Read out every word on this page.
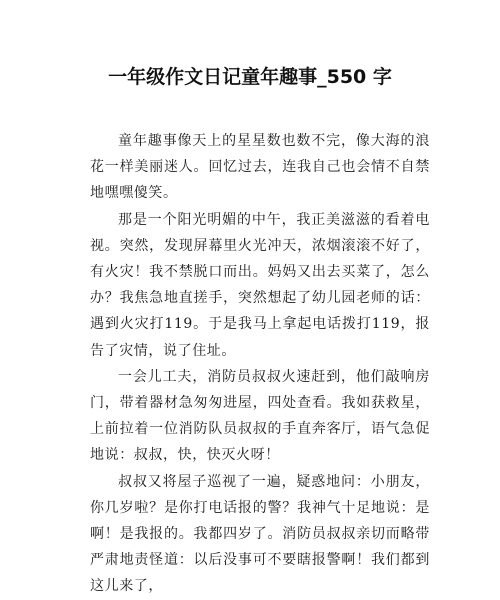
一年级作文日记童年趣事_550 字

童年趣事像天上的星星数也数不完，像大海的浪花一样美丽迷人。回忆过去，连我自己也会情不自禁地嘿嘿傻笑。

那是一个阳光明媚的中午，我正美滋滋的看着电视。突然，发现屏幕里火光冲天，浓烟滚滚不好了，有火灾！我不禁脱口而出。妈妈又出去买菜了，怎么办？我焦急地直搓手，突然想起了幼儿园老师的话：遇到火灾打119。于是我马上拿起电话拨打119，报告了灾情，说了住址。

一会儿工夫，消防员叔叔火速赶到，他们敲响房门，带着器材急匆匆进屋，四处查看。我如获救星，上前拉着一位消防队员叔叔的手直奔客厅，语气急促地说：叔叔，快，快灭火呀！

叔叔又将屋子巡视了一遍，疑惑地问：小朋友，你几岁啦？是你打电话报的警？我神气十足地说：是啊！是我报的。我都四岁了。消防员叔叔亲切而略带严肃地责怪道：以后没事可不要瞎报警啊！我们都到这儿来了，
